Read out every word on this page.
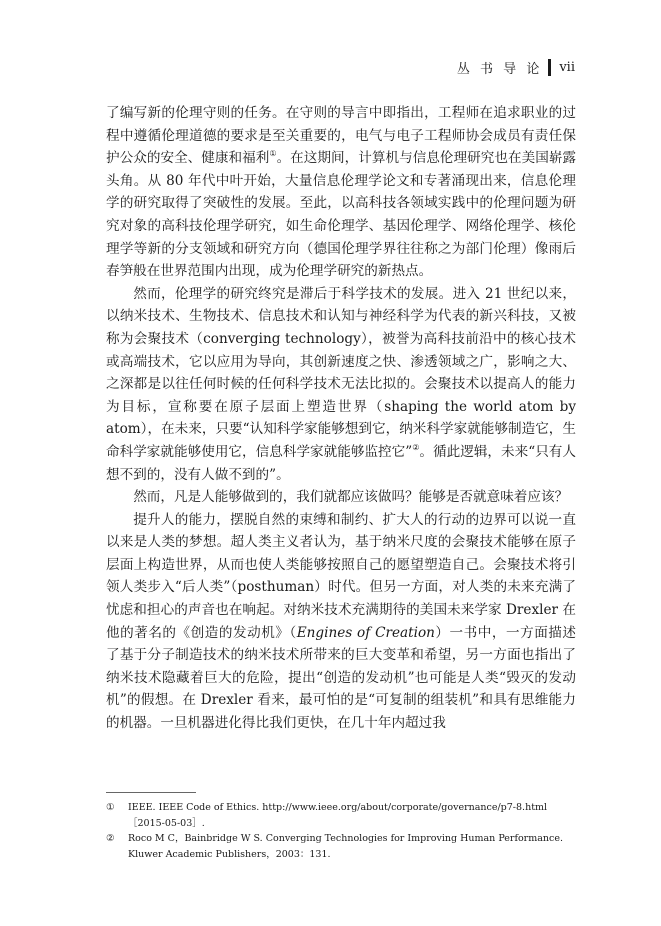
丛 书 导 论 vii

了编写新的伦理守则的任务。在守则的导言中即指出，工程师在追求职业的过程中遵循伦理道德的要求是至关重要的，电气与电子工程师协会成员有责任保护公众的安全、健康和福利①。在这期间，计算机与信息伦理研究也在美国崭露头角。从 80 年代中叶开始，大量信息伦理学论文和专著涌现出来，信息伦理学的研究取得了突破性的发展。至此，以高科技各领域实践中的伦理问题为研究对象的高科技伦理学研究，如生命伦理学、基因伦理学、网络伦理学、核伦理学等新的分支领域和研究方向（德国伦理学界往往称之为部门伦理）像雨后春笋般在世界范围内出现，成为伦理学研究的新热点。

然而，伦理学的研究终究是滞后于科学技术的发展。进入 21 世纪以来，以纳米技术、生物技术、信息技术和认知与神经科学为代表的新兴科技，又被称为会聚技术（converging technology），被誉为高科技前沿中的核心技术或高端技术，它以应用为导向，其创新速度之快、渗透领域之广，影响之大、之深都是以往任何时候的任何科学技术无法比拟的。会聚技术以提高人的能力为目标，宣称要在原子层面上塑造世界（shaping the world atom by atom），在未来，只要“认知科学家能够想到它，纳米科学家就能够制造它，生命科学家就能够使用它，信息科学家就能够监控它”②。循此逻辑，未来“只有人想不到的，没有人做不到的”。

然而，凡是人能够做到的，我们就都应该做吗？能够是否就意味着应该？

提升人的能力，摆脱自然的束缚和制约、扩大人的行动的边界可以说一直以来是人类的梦想。超人类主义者认为，基于纳米尺度的会聚技术能够在原子层面上构造世界，从而也使人类能够按照自己的愿望塑造自己。会聚技术将引领人类步入“后人类”（posthuman）时代。但另一方面，对人类的未来充满了忧虑和担心的声音也在响起。对纳米技术充满期待的美国未来学家 Drexler 在他的著名的《创造的发动机》（Engines of Creation）一书中，一方面描述了基于分子制造技术的纳米技术所带来的巨大变革和希望，另一方面也指出了纳米技术隐藏着巨大的危险，提出“创造的发动机”也可能是人类“毁灭的发动机”的假想。在 Drexler 看来，最可怕的是“可复制的组装机”和具有思维能力的机器。一旦机器进化得比我们更快，在几十年内超过我

①	IEEE. IEEE Code of Ethics. http://www.ieee.org/about/corporate/governance/p7-8.html［2015-05-03］.
②	Roco M C，Bainbridge W S. Converging Technologies for Improving Human Performance. Kluwer Academic Publishers，2003：131.
